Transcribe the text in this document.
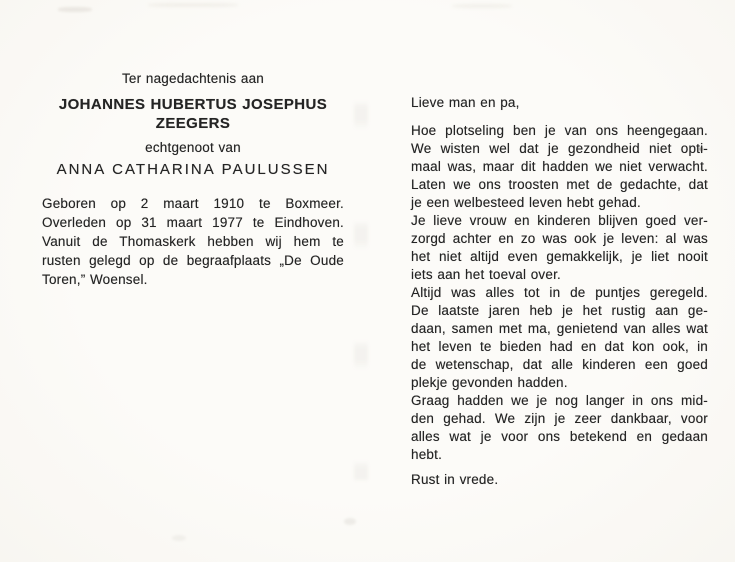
Ter nagedachtenis aan
JOHANNES HUBERTUS JOSEPHUS
ZEEGERS
echtgenoot van
ANNA CATHARINA PAULUSSEN
Geboren op 2 maart 1910 te Boxmeer.
Overleden op 31 maart 1977 te Eindhoven.
Vanuit de Thomaskerk hebben wij hem te
rusten gelegd op de begraafplaats „De Oude
Toren,” Woensel.
Lieve man en pa,
Hoe plotseling ben je van ons heengegaan.
We wisten wel dat je gezondheid niet opti-
maal was, maar dit hadden we niet verwacht.
Laten we ons troosten met de gedachte, dat
je een welbesteed leven hebt gehad.
Je lieve vrouw en kinderen blijven goed ver-
zorgd achter en zo was ook je leven: al was
het niet altijd even gemakkelijk, je liet nooit
iets aan het toeval over.
Altijd was alles tot in de puntjes geregeld.
De laatste jaren heb je het rustig aan ge-
daan, samen met ma, genietend van alles wat
het leven te bieden had en dat kon ook, in
de wetenschap, dat alle kinderen een goed
plekje gevonden hadden.
Graag hadden we je nog langer in ons mid-
den gehad. We zijn je zeer dankbaar, voor
alles wat je voor ons betekend en gedaan
hebt.
Rust in vrede.
